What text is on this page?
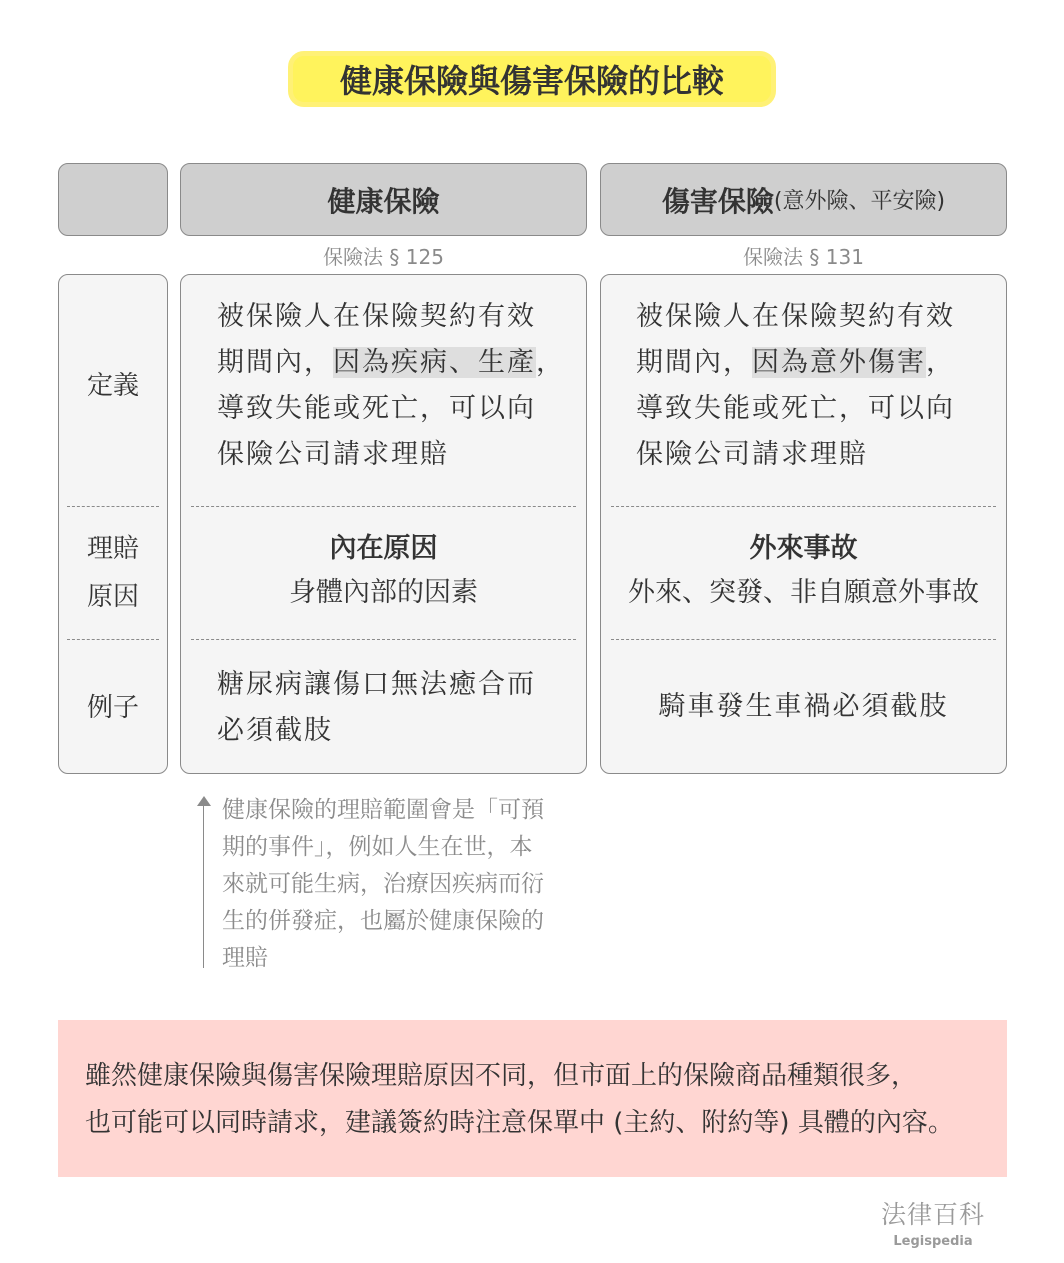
健康保險與傷害保險的比較
健康保險	傷害保險 (意外險、平安險)
保險法 § 125	保險法 § 131
定義
理賠
原因
例子
被保險人在保險契約有效
期間內，因為疾病、生產，
導致失能或死亡，可以向
保險公司請求理賠
被保險人在保險契約有效
期間內，因為意外傷害，
導致失能或死亡，可以向
保險公司請求理賠
內在原因
身體內部的因素
外來事故
外來、突發、非自願意外事故
糖尿病讓傷口無法癒合而
必須截肢
騎車發生車禍必須截肢
健康保險的理賠範圍會是「可預
期的事件」，例如人生在世，本
來就可能生病，治療因疾病而衍
生的併發症，也屬於健康保險的
理賠
雖然健康保險與傷害保險理賠原因不同，但市面上的保險商品種類很多，
也可能可以同時請求，建議簽約時注意保單中 (主約、附約等) 具體的內容。
法律百科
Legispedia
